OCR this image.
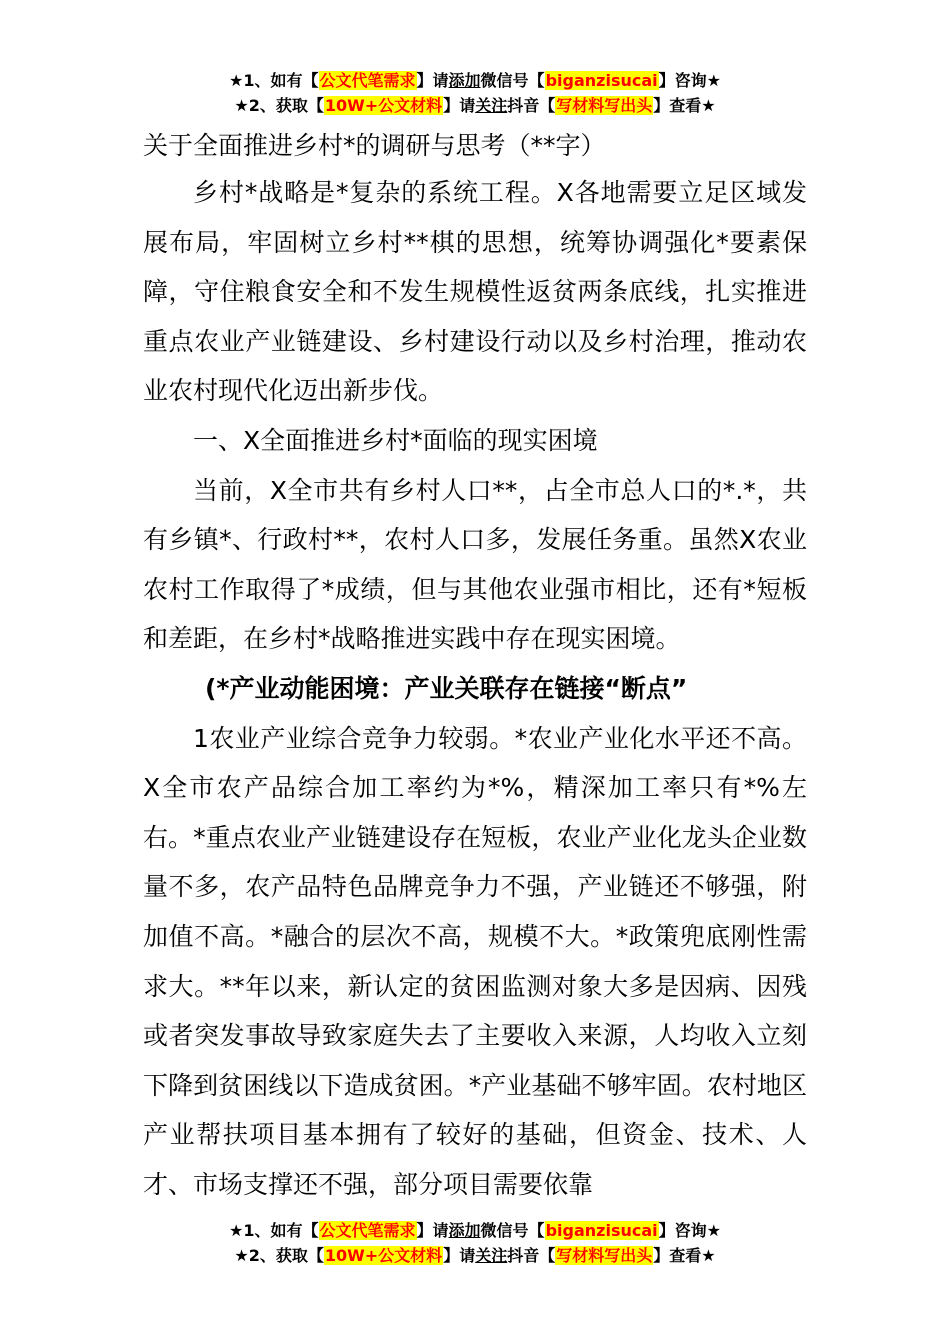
★1、如有【公文代笔需求】请添加微信号【biganzisucai】咨询★
★2、获取【10W+公文材料】请关注抖音【写材料写出头】查看★

关于全面推进乡村*的调研与思考（**字）

乡村*战略是*复杂的系统工程。X各地需要立足区域发展布局，牢固树立乡村**棋的思想，统筹协调强化*要素保障，守住粮食安全和不发生规模性返贫两条底线，扎实推进重点农业产业链建设、乡村建设行动以及乡村治理，推动农业农村现代化迈出新步伐。

一、X全面推进乡村*面临的现实困境

当前，X全市共有乡村人口**，占全市总人口的*.*，共有乡镇*、行政村**，农村人口多，发展任务重。虽然X农业农村工作取得了*成绩，但与其他农业强市相比，还有*短板和差距，在乡村*战略推进实践中存在现实困境。

(*产业动能困境：产业关联存在链接“断点”

1农业产业综合竞争力较弱。*农业产业化水平还不高。X全市农产品综合加工率约为*%，精深加工率只有*%左右。*重点农业产业链建设存在短板，农业产业化龙头企业数量不多，农产品特色品牌竞争力不强，产业链还不够强，附加值不高。*融合的层次不高，规模不大。*政策兜底刚性需求大。**年以来，新认定的贫困监测对象大多是因病、因残或者突发事故导致家庭失去了主要收入来源，人均收入立刻下降到贫困线以下造成贫困。*产业基础不够牢固。农村地区产业帮扶项目基本拥有了较好的基础，但资金、技术、人才、市场支撑还不强，部分项目需要依靠

★1、如有【公文代笔需求】请添加微信号【biganzisucai】咨询★
★2、获取【10W+公文材料】请关注抖音【写材料写出头】查看★
